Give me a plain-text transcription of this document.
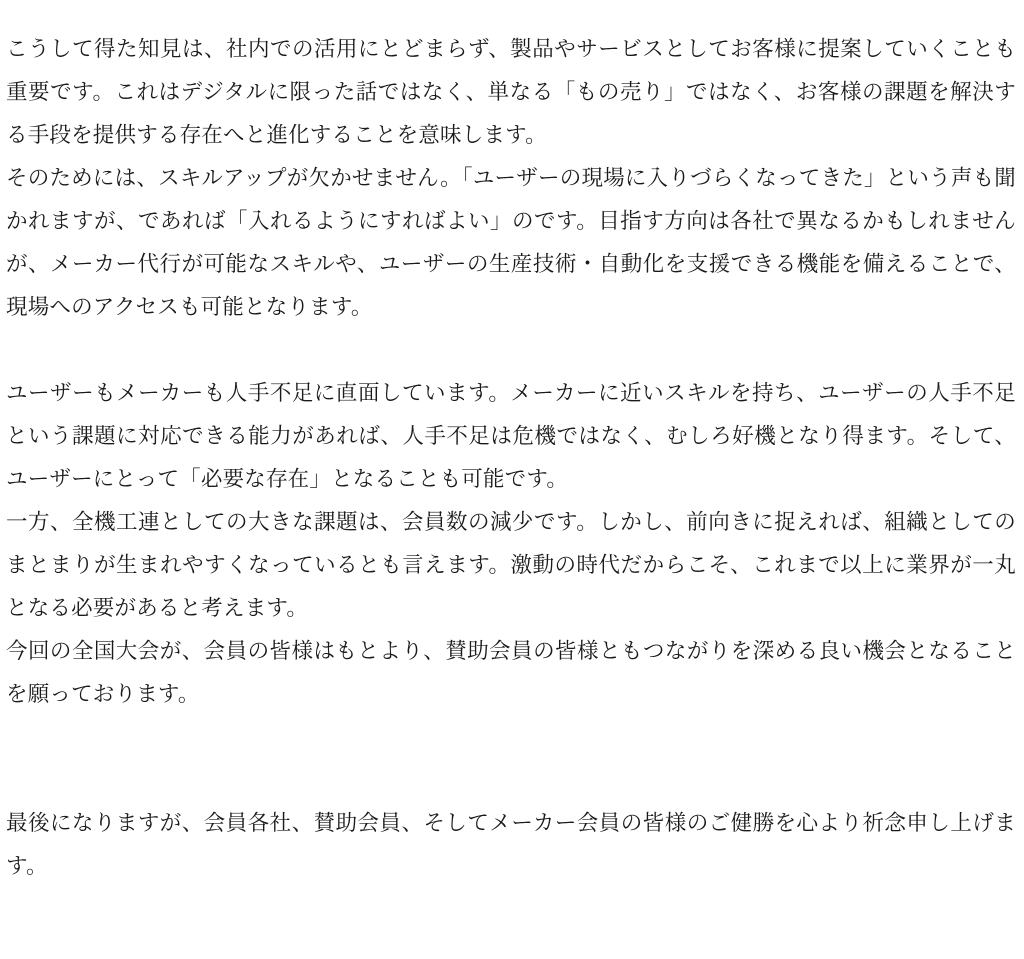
こうして得た知見は、社内での活用にとどまらず、製品やサービスとしてお客様に提案していくことも重要です。これはデジタルに限った話ではなく、単なる「もの売り」ではなく、お客様の課題を解決する手段を提供する存在へと進化することを意味します。

そのためには、スキルアップが欠かせません。「ユーザーの現場に入りづらくなってきた」という声も聞かれますが、であれば「入れるようにすればよい」のです。目指す方向は各社で異なるかもしれませんが、メーカー代行が可能なスキルや、ユーザーの生産技術・自動化を支援できる機能を備えることで、現場へのアクセスも可能となります。

ユーザーもメーカーも人手不足に直面しています。メーカーに近いスキルを持ち、ユーザーの人手不足という課題に対応できる能力があれば、人手不足は危機ではなく、むしろ好機となり得ます。そして、ユーザーにとって「必要な存在」となることも可能です。

一方、全機工連としての大きな課題は、会員数の減少です。しかし、前向きに捉えれば、組織としてのまとまりが生まれやすくなっているとも言えます。激動の時代だからこそ、これまで以上に業界が一丸となる必要があると考えます。

今回の全国大会が、会員の皆様はもとより、賛助会員の皆様ともつながりを深める良い機会となることを願っております。

最後になりますが、会員各社、賛助会員、そしてメーカー会員の皆様のご健勝を心より祈念申し上げます。
